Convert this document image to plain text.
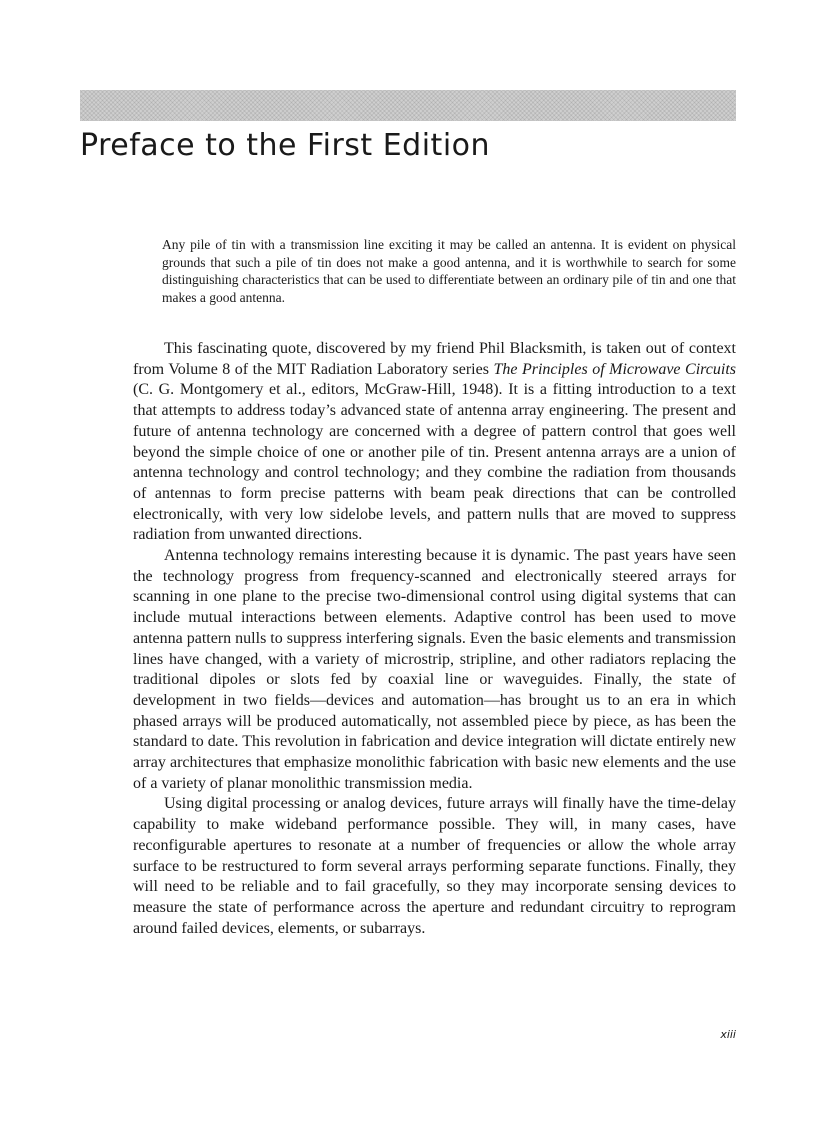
Preface to the First Edition

Any pile of tin with a transmission line exciting it may be called an antenna. It is evident on physical grounds that such a pile of tin does not make a good antenna, and it is worthwhile to search for some distinguishing characteristics that can be used to differentiate between an ordinary pile of tin and one that makes a good antenna.

This fascinating quote, discovered by my friend Phil Blacksmith, is taken out of context from Volume 8 of the MIT Radiation Laboratory series The Principles of Microwave Circuits (C. G. Montgomery et al., editors, McGraw-Hill, 1948). It is a fitting introduction to a text that attempts to address today’s advanced state of antenna array engineering. The present and future of antenna technology are concerned with a degree of pattern control that goes well beyond the simple choice of one or another pile of tin. Present antenna arrays are a union of antenna technology and control technology; and they combine the radiation from thousands of antennas to form precise patterns with beam peak directions that can be controlled electronically, with very low sidelobe levels, and pattern nulls that are moved to suppress radiation from unwanted directions.

Antenna technology remains interesting because it is dynamic. The past years have seen the technology progress from frequency-scanned and electronically steered arrays for scanning in one plane to the precise two-dimensional control using digital systems that can include mutual interactions between elements. Adaptive control has been used to move antenna pattern nulls to suppress interfering signals. Even the basic elements and transmission lines have changed, with a variety of microstrip, stripline, and other radiators replacing the traditional dipoles or slots fed by coaxial line or waveguides. Finally, the state of development in two fields—devices and automation—has brought us to an era in which phased arrays will be produced automatically, not assembled piece by piece, as has been the standard to date. This revolution in fabrication and device integration will dictate entirely new array architectures that emphasize monolithic fabrication with basic new elements and the use of a variety of planar monolithic transmission media.

Using digital processing or analog devices, future arrays will finally have the time-delay capability to make wideband performance possible. They will, in many cases, have reconfigurable apertures to resonate at a number of frequencies or allow the whole array surface to be restructured to form several arrays performing separate functions. Finally, they will need to be reliable and to fail gracefully, so they may incorporate sensing devices to measure the state of performance across the aperture and redundant circuitry to reprogram around failed devices, elements, or subarrays.

xiii
